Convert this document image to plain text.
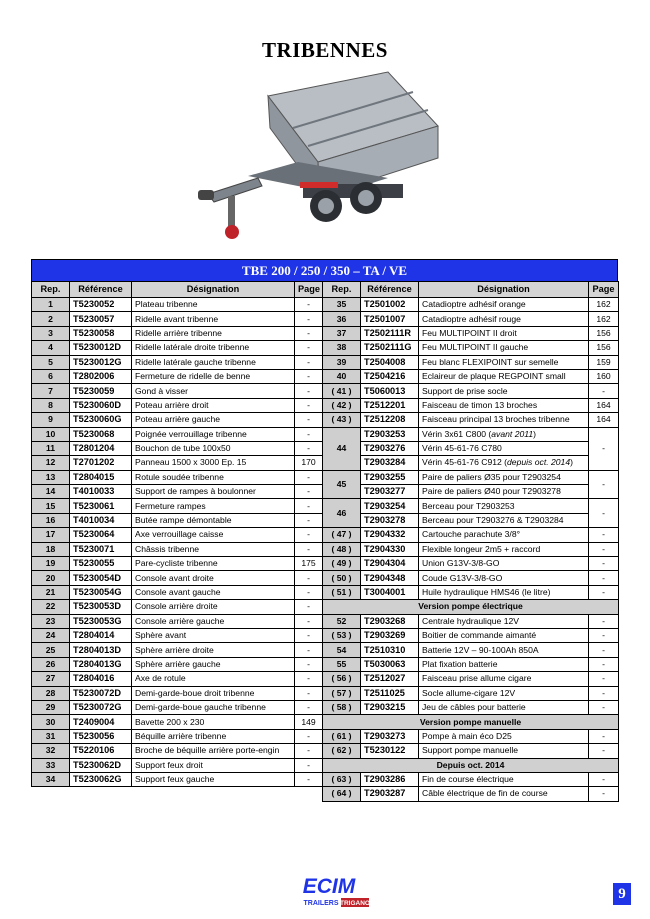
TRIBENNES
TBE 200 / 250 / 350 – TA / VE
Rep.	Référence	Désignation	Page	Rep.	Référence	Désignation	Page
1	T5230052	Plateau tribenne	-	35	T2501002	Catadioptre adhésif orange	162
2	T5230057	Ridelle avant tribenne	-	36	T2501007	Catadioptre adhésif rouge	162
3	T5230058	Ridelle arrière tribenne	-	37	T2502111R	Feu MULTIPOINT II droit	156
4	T5230012D	Ridelle latérale droite tribenne	-	38	T2502111G	Feu MULTIPOINT II gauche	156
5	T5230012G	Ridelle latérale gauche tribenne	-	39	T2504008	Feu blanc FLEXIPOINT sur semelle	159
6	T2802006	Fermeture de ridelle de benne	-	40	T2504216	Eclaireur de plaque REGPOINT small	160
7	T5230059	Gond à visser	-	( 41 )	T5060013	Support de prise socle	-
8	T5230060D	Poteau arrière droit	-	( 42 )	T2512201	Faisceau de timon 13 broches	164
9	T5230060G	Poteau arrière gauche	-	( 43 )	T2512208	Faisceau principal 13 broches tribenne	164
10	T5230068	Poignée verrouillage tribenne	-	44	T2903253	Vérin 3x61 C800 (avant 2011)	-
11	T2801204	Bouchon de tube 100x50	-		T2903276	Vérin 45-61-76 C780	
12	T2701202	Panneau 1500 x 3000 Ep. 15	170		T2903284	Vérin 45-61-76 C912 (depuis oct. 2014)	
13	T2804015	Rotule soudée tribenne	-	45	T2903255	Paire de paliers Ø35 pour T2903254	-
14	T4010033	Support de rampes à boulonner	-		T2903277	Paire de paliers Ø40 pour T2903278	
15	T5230061	Fermeture rampes	-	46	T2903254	Berceau pour T2903253	-
16	T4010034	Butée rampe démontable	-		T2903278	Berceau pour T2903276 & T2903284	
17	T5230064	Axe verrouillage caisse	-	( 47 )	T2904332	Cartouche parachute 3/8°	-
18	T5230071	Châssis tribenne	-	( 48 )	T2904330	Flexible longeur 2m5 + raccord	-
19	T5230055	Pare-cycliste tribenne	175	( 49 )	T2904304	Union G13V-3/8-GO	-
20	T5230054D	Console avant droite	-	( 50 )	T2904348	Coude G13V-3/8-GO	-
21	T5230054G	Console avant gauche	-	( 51 )	T3004001	Huile hydraulique HMS46 (le litre)	-
22	T5230053D	Console arrière droite	-	Version pompe électrique			
23	T5230053G	Console arrière gauche	-	52	T2903268	Centrale hydraulique 12V	-
24	T2804014	Sphère avant	-	( 53 )	T2903269	Boitier de commande aimanté	-
25	T2804013D	Sphère arrière droite	-	54	T2510310	Batterie 12V – 90-100Ah 850A	-
26	T2804013G	Sphère arrière gauche	-	55	T5030063	Plat fixation batterie	-
27	T2804016	Axe de rotule	-	( 56 )	T2512027	Faisceau prise allume cigare	-
28	T5230072D	Demi-garde-boue droit tribenne	-	( 57 )	T2511025	Socle allume-cigare 12V	-
29	T5230072G	Demi-garde-boue gauche tribenne	-	( 58 )	T2903215	Jeu de câbles pour batterie	-
30	T2409004	Bavette 200 x 230	149	Version pompe manuelle			
31	T5230056	Béquille arrière tribenne	-	( 61 )	T2903273	Pompe à main éco D25	-
32	T5220106	Broche de béquille arrière porte-engin	-	( 62 )	T5230122	Support pompe manuelle	-
33	T5230062D	Support feux droit	-	Depuis oct. 2014			
34	T5230062G	Support feux gauche	-	( 63 )	T2903286	Fin de course électrique	-
				( 64 )	T2903287	Câble électrique de fin de course	-
ECIM
TRAILERS TRIGANO
9
